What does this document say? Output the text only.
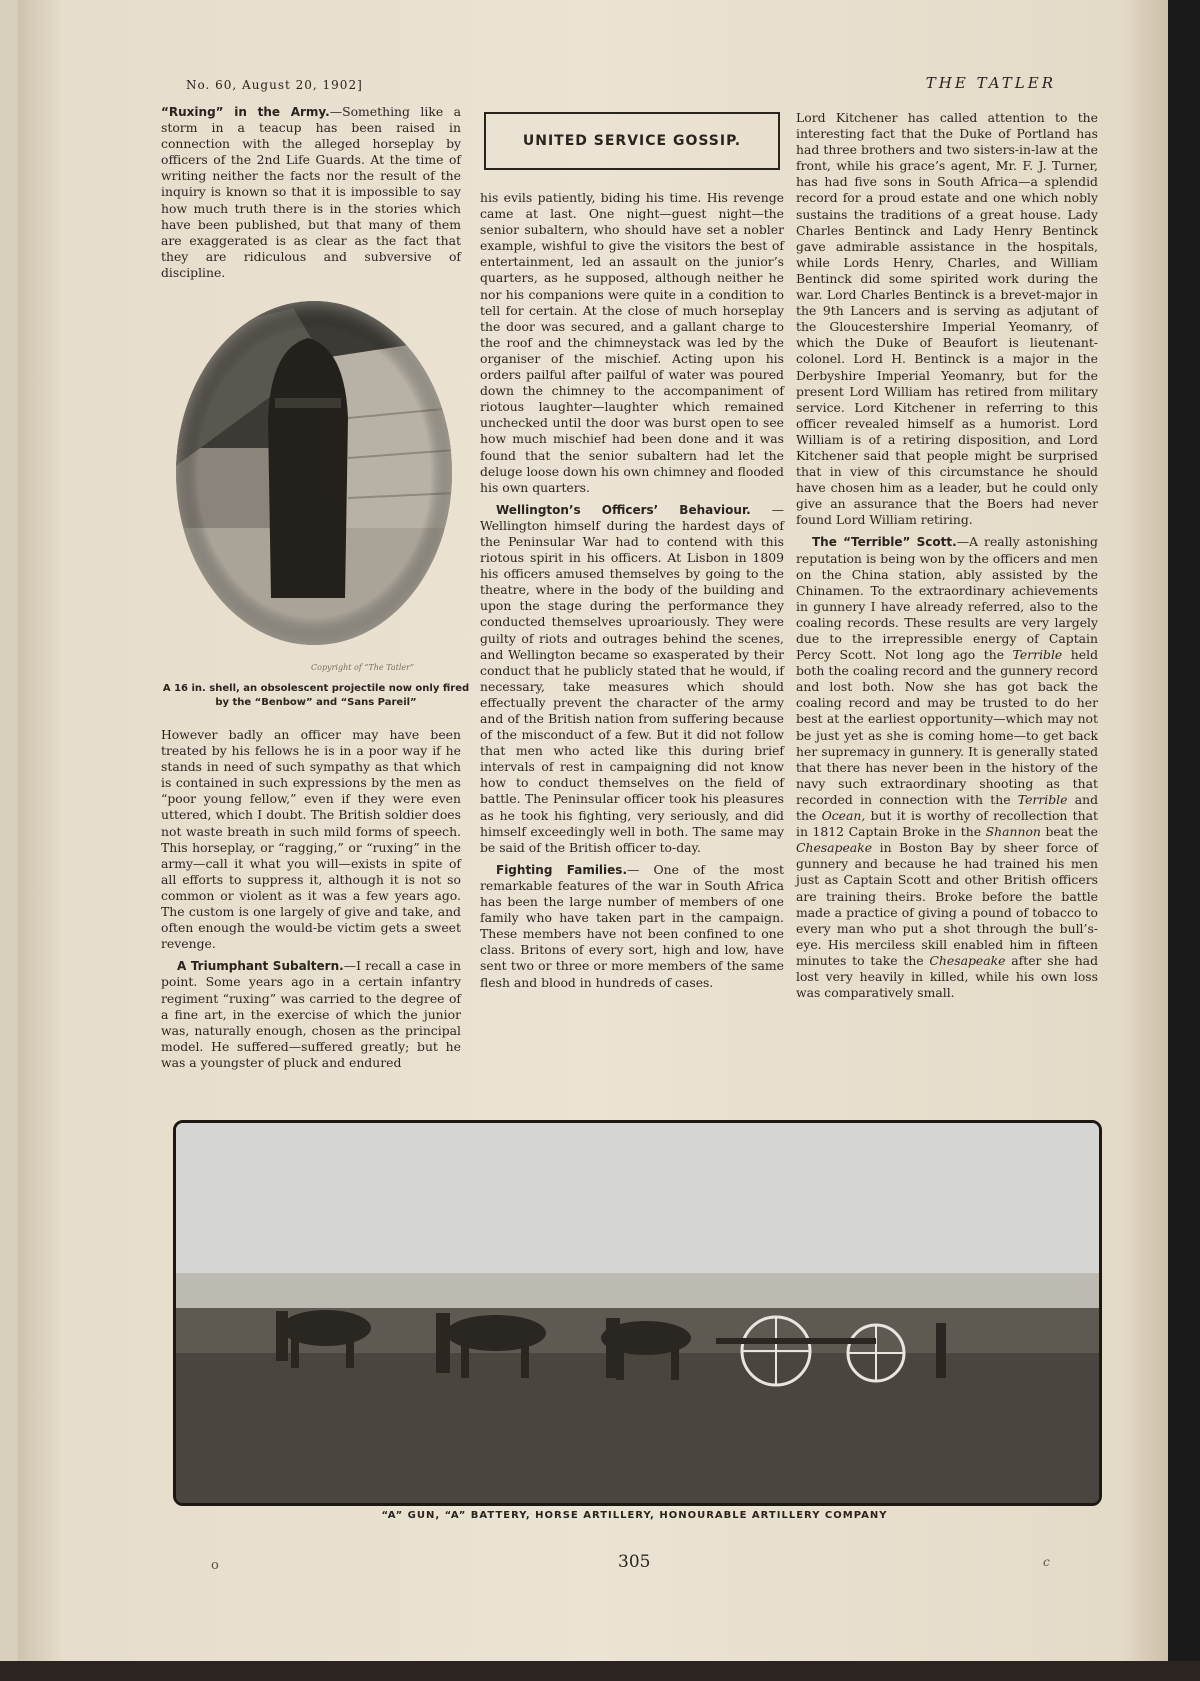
No. 60, August 20, 1902]	THE TATLER

“Ruxing” in the Army.—Something like a storm in a teacup has been raised in connection with the alleged horseplay by officers of the 2nd Life Guards. At the time of writing neither the facts nor the result of the inquiry is known so that it is impossible to say how much truth there is in the stories which have been published, but that many of them are exaggerated is as clear as the fact that they are ridiculous and subversive of discipline.

Copyright of “The Tatler”
A 16 in. shell, an obsolescent projectile now only fired by the “Benbow” and “Sans Pareil”

However badly an officer may have been treated by his fellows he is in a poor way if he stands in need of such sympathy as that which is contained in such expressions by the men as “poor young fellow,” even if they were even uttered, which I doubt. The British soldier does not waste breath in such mild forms of speech. This horseplay, or “ragging,” or “ruxing” in the army—call it what you will—exists in spite of all efforts to suppress it, although it is not so common or violent as it was a few years ago. The custom is one largely of give and take, and often enough the would-be victim gets a sweet revenge.

A Triumphant Subaltern.—I recall a case in point. Some years ago in a certain infantry regiment “ruxing” was carried to the degree of a fine art, in the exercise of which the junior was, naturally enough, chosen as the principal model. He suffered—suffered greatly; but he was a youngster of pluck and endured

UNITED SERVICE GOSSIP.

his evils patiently, biding his time. His revenge came at last. One night—guest night—the senior subaltern, who should have set a nobler example, wishful to give the visitors the best of entertainment, led an assault on the junior’s quarters, as he supposed, although neither he nor his companions were quite in a condition to tell for certain. At the close of much horseplay the door was secured, and a gallant charge to the roof and the chimneystack was led by the organiser of the mischief. Acting upon his orders pailful after pailful of water was poured down the chimney to the accompaniment of riotous laughter—laughter which remained unchecked until the door was burst open to see how much mischief had been done and it was found that the senior subaltern had let the deluge loose down his own chimney and flooded his own quarters.

Wellington’s Officers’ Behaviour. — Wellington himself during the hardest days of the Peninsular War had to contend with this riotous spirit in his officers. At Lisbon in 1809 his officers amused themselves by going to the theatre, where in the body of the building and upon the stage during the performance they conducted themselves uproariously. They were guilty of riots and outrages behind the scenes, and Wellington became so exasperated by their conduct that he publicly stated that he would, if necessary, take measures which should effectually prevent the character of the army and of the British nation from suffering because of the misconduct of a few. But it did not follow that men who acted like this during brief intervals of rest in campaigning did not know how to conduct themselves on the field of battle. The Peninsular officer took his pleasures as he took his fighting, very seriously, and did himself exceedingly well in both. The same may be said of the British officer to-day.

Fighting Families.— One of the most remarkable features of the war in South Africa has been the large number of members of one family who have taken part in the campaign. These members have not been confined to one class. Britons of every sort, high and low, have sent two or three or more members of the same flesh and blood in hundreds of cases.

Lord Kitchener has called attention to the interesting fact that the Duke of Portland has had three brothers and two sisters-in-law at the front, while his grace’s agent, Mr. F. J. Turner, has had five sons in South Africa—a splendid record for a proud estate and one which nobly sustains the traditions of a great house. Lady Charles Bentinck and Lady Henry Bentinck gave admirable assistance in the hospitals, while Lords Henry, Charles, and William Bentinck did some spirited work during the war. Lord Charles Bentinck is a brevet-major in the 9th Lancers and is serving as adjutant of the Gloucestershire Imperial Yeomanry, of which the Duke of Beaufort is lieutenant-colonel. Lord H. Bentinck is a major in the Derbyshire Imperial Yeomanry, but for the present Lord William has retired from military service. Lord Kitchener in referring to this officer revealed himself as a humorist. Lord William is of a retiring disposition, and Lord Kitchener said that people might be surprised that in view of this circumstance he should have chosen him as a leader, but he could only give an assurance that the Boers had never found Lord William retiring.

The “Terrible” Scott.—A really astonishing reputation is being won by the officers and men on the China station, ably assisted by the Chinamen. To the extraordinary achievements in gunnery I have already referred, also to the coaling records. These results are very largely due to the irrepressible energy of Captain Percy Scott. Not long ago the Terrible held both the coaling record and the gunnery record and lost both. Now she has got back the coaling record and may be trusted to do her best at the earliest opportunity—which may not be just yet as she is coming home—to get back her supremacy in gunnery. It is generally stated that there has never been in the history of the navy such extraordinary shooting as that recorded in connection with the Terrible and the Ocean, but it is worthy of recollection that in 1812 Captain Broke in the Shannon beat the Chesapeake in Boston Bay by sheer force of gunnery and because he had trained his men just as Captain Scott and other British officers are training theirs. Broke before the battle made a practice of giving a pound of tobacco to every man who put a shot through the bull’s-eye. His merciless skill enabled him in fifteen minutes to take the Chesapeake after she had lost very heavily in killed, while his own loss was comparatively small.

“A” GUN, “A” BATTERY, HORSE ARTILLERY, HONOURABLE ARTILLERY COMPANY
o	305	c
